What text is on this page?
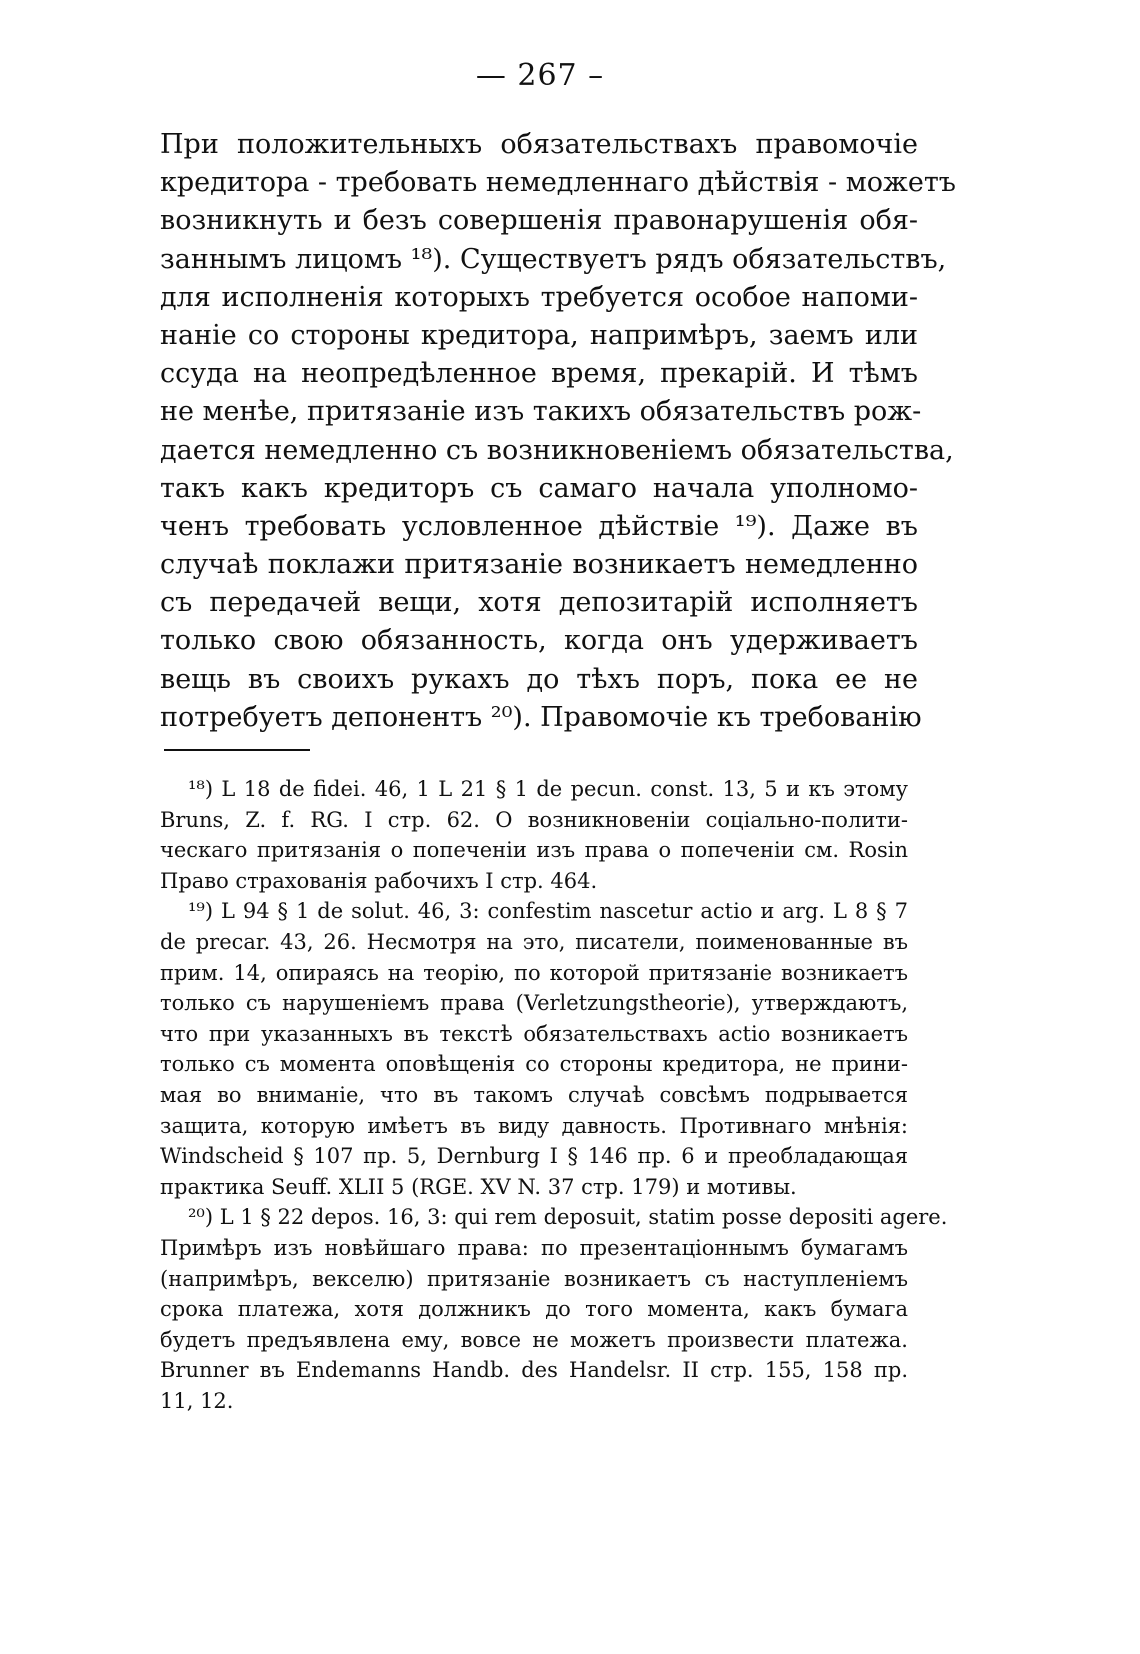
— 267 –
При положительныхъ обязательствахъ правомочіе
кредитора - требовать немедленнаго дѣйствія - можетъ
возникнуть и безъ совершенія правонарушенія обя-
заннымъ лицомъ ¹⁸). Существуетъ рядъ обязательствъ,
для исполненія которыхъ требуется особое напоми-
наніе со стороны кредитора, напримѣръ, заемъ или
ссуда на неопредѣленное время, прекарій. И тѣмъ
не менѣе, притязаніе изъ такихъ обязательствъ рож-
дается немедленно съ возникновеніемъ обязательства,
такъ какъ кредиторъ съ самаго начала уполномо-
ченъ требовать условленное дѣйствіе ¹⁹). Даже въ
случаѣ поклажи притязаніе возникаетъ немедленно
съ передачей вещи, хотя депозитарій исполняетъ
только свою обязанность, когда онъ удерживаетъ
вещь въ своихъ рукахъ до тѣхъ поръ, пока ее не
потребуетъ депонентъ ²⁰). Правомочіе къ требованію
¹⁸) L 18 de fidei. 46, 1 L 21 § 1 de pecun. const. 13, 5 и къ этому
Bruns, Z. f. RG. I стр. 62. О возникновеніи соціально-полити-
ческаго притязанія о попеченіи изъ права о попеченіи см. Rosin
Право страхованія рабочихъ I стр. 464.
¹⁹) L 94 § 1 de solut. 46, 3: confestim nascetur actio и arg. L 8 § 7
de precar. 43, 26. Несмотря на это, писатели, поименованные въ
прим. 14, опираясь на теорію, по которой притязаніе возникаетъ
только съ нарушеніемъ права (Verletzungstheorie), утверждаютъ,
что при указанныхъ въ текстѣ обязательствахъ actio возникаетъ
только съ момента оповѣщенія со стороны кредитора, не прини-
мая во вниманіе, что въ такомъ случаѣ совсѣмъ подрывается
защита, которую имѣетъ въ виду давность. Противнаго мнѣнія:
Windscheid § 107 пр. 5, Dernburg I § 146 пр. 6 и преобладающая
практика Seuff. XLII 5 (RGE. XV N. 37 стр. 179) и мотивы.
²⁰) L 1 § 22 depos. 16, 3: qui rem deposuit, statim posse depositi agere.
Примѣръ изъ новѣйшаго права: по презентаціоннымъ бумагамъ
(напримѣръ, векселю) притязаніе возникаетъ съ наступленіемъ
срока платежа, хотя должникъ до того момента, какъ бумага
будетъ предъявлена ему, вовсе не можетъ произвести платежа.
Brunner въ Endemanns Handb. des Handelsr. II стр. 155, 158 пр.
11, 12.
